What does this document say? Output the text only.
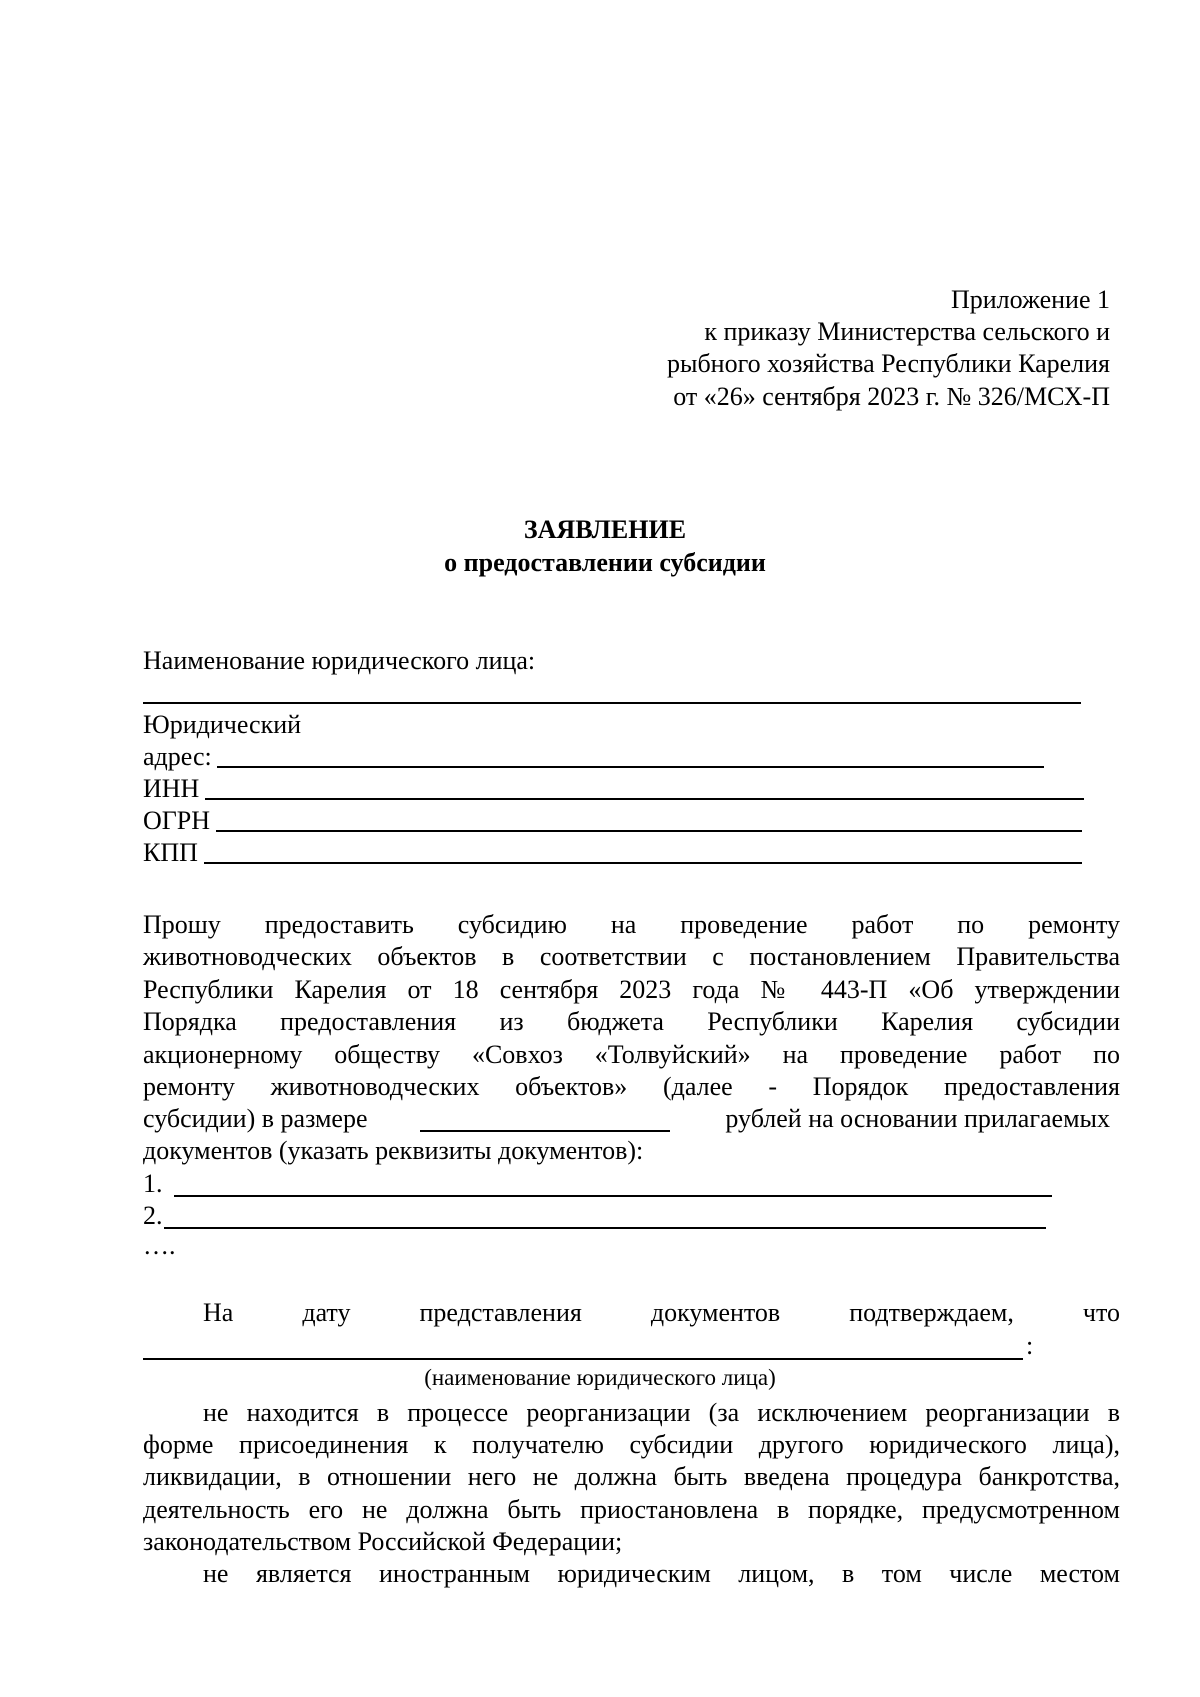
Приложение 1
к приказу Министерства сельского и
рыбного хозяйства Республики Карелия
от «26» сентября 2023 г. № 326/МСХ-П
ЗАЯВЛЕНИЕ
о предоставлении субсидии
Наименование юридического лица:
Юридический
адрес:
ИНН
ОГРН
КПП
Прошу предоставить субсидию на проведение работ по ремонту
животноводческих объектов в соответствии с постановлением Правительства
Республики Карелия от 18 сентября 2023 года № 443-П «Об утверждении
Порядка предоставления из бюджета Республики Карелия субсидии
акционерному обществу «Совхоз «Толвуйский» на проведение работ по
ремонту животноводческих объектов» (далее - Порядок предоставления
субсидии) в размере	рублей на основании прилагаемых
документов (указать реквизиты документов):
1.
2.
….
На дату представления документов подтверждаем, что
:
(наименование юридического лица)
не находится в процессе реорганизации (за исключением реорганизации в
форме присоединения к получателю субсидии другого юридического лица),
ликвидации, в отношении него не должна быть введена процедура банкротства,
деятельность его не должна быть приостановлена в порядке, предусмотренном
законодательством Российской Федерации;
не является иностранным юридическим лицом, в том числе местом
